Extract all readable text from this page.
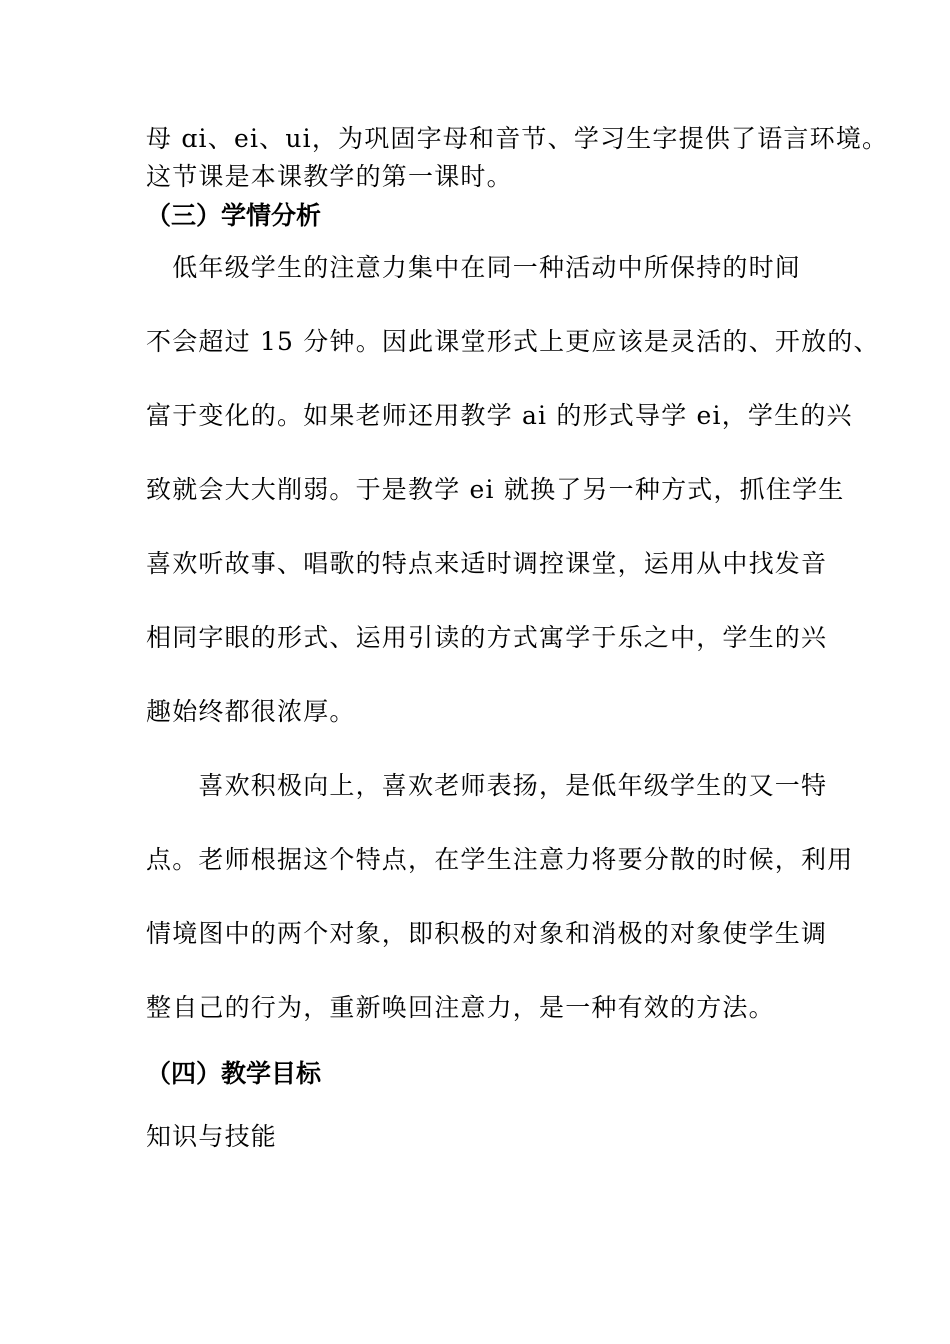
母 ɑi、ei、ui，为巩固字母和音节、学习生字提供了语言环境。
这节课是本课教学的第一课时。
（三）学情分析
　低年级学生的注意力集中在同一种活动中所保持的时间
不会超过 15 分钟。因此课堂形式上更应该是灵活的、开放的、
富于变化的。如果老师还用教学 ai 的形式导学 ei，学生的兴
致就会大大削弱。于是教学 ei 就换了另一种方式，抓住学生
喜欢听故事、唱歌的特点来适时调控课堂，运用从中找发音
相同字眼的形式、运用引读的方式寓学于乐之中，学生的兴
趣始终都很浓厚。
　　喜欢积极向上，喜欢老师表扬，是低年级学生的又一特
点。老师根据这个特点，在学生注意力将要分散的时候，利用
情境图中的两个对象，即积极的对象和消极的对象使学生调
整自己的行为，重新唤回注意力，是一种有效的方法。
（四）教学目标
知识与技能
